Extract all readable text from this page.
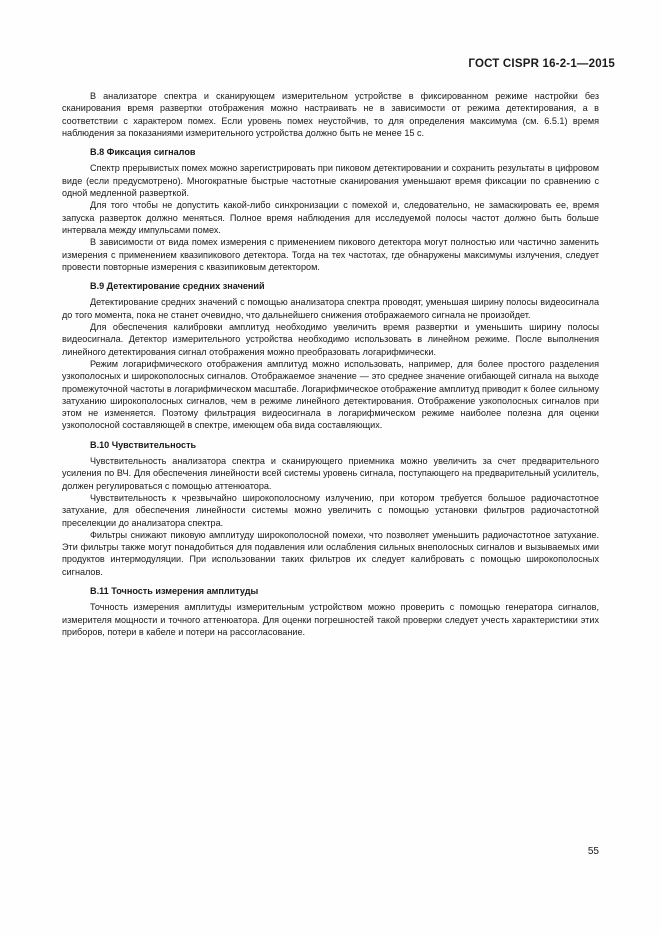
ГОСТ CISPR 16-2-1—2015

В анализаторе спектра и сканирующем измерительном устройстве в фиксированном режиме настройки без сканирования время развертки отображения можно настраивать не в зависимости от режима детектирования, а в соответствии с характером помех. Если уровень помех неустойчив, то для определения максимума (см. 6.5.1) время наблюдения за показаниями измерительного устройства должно быть не менее 15 с.

В.8 Фиксация сигналов

Спектр прерывистых помех можно зарегистрировать при пиковом детектировании и сохранить результаты в цифровом виде (если предусмотрено). Многократные быстрые частотные сканирования уменьшают время фиксации по сравнению с одной медленной разверткой.

Для того чтобы не допустить какой-либо синхронизации с помехой и, следовательно, не замаскировать ее, время запуска разверток должно меняться. Полное время наблюдения для исследуемой полосы частот должно быть больше интервала между импульсами помех.

В зависимости от вида помех измерения с применением пикового детектора могут полностью или частично заменить измерения с применением квазипикового детектора. Тогда на тех частотах, где обнаружены максимумы излучения, следует провести повторные измерения с квазипиковым детектором.

В.9 Детектирование средних значений

Детектирование средних значений с помощью анализатора спектра проводят, уменьшая ширину полосы видеосигнала до того момента, пока не станет очевидно, что дальнейшего снижения отображаемого сигнала не произойдет.

Для обеспечения калибровки амплитуд необходимо увеличить время развертки и уменьшить ширину полосы видеосигнала. Детектор измерительного устройства необходимо использовать в линейном режиме. После выполнения линейного детектирования сигнал отображения можно преобразовать логарифмически.

Режим логарифмического отображения амплитуд можно использовать, например, для более простого разделения узкополосных и широкополосных сигналов. Отображаемое значение — это среднее значение огибающей сигнала на выходе промежуточной частоты в логарифмическом масштабе. Логарифмическое отображение амплитуд приводит к более сильному затуханию широкополосных сигналов, чем в режиме линейного детектирования. Отображение узкополосных сигналов при этом не изменяется. Поэтому фильтрация видеосигнала в логарифмическом режиме наиболее полезна для оценки узкополосной составляющей в спектре, имеющем оба вида составляющих.

В.10 Чувствительность

Чувствительность анализатора спектра и сканирующего приемника можно увеличить за счет предварительного усиления по ВЧ. Для обеспечения линейности всей системы уровень сигнала, поступающего на предварительный усилитель, должен регулироваться с помощью аттенюатора.

Чувствительность к чрезвычайно широкополосному излучению, при котором требуется большое радиочастотное затухание, для обеспечения линейности системы можно увеличить с помощью установки фильтров радиочастотной преселекции до анализатора спектра.

Фильтры снижают пиковую амплитуду широкополосной помехи, что позволяет уменьшить радиочастотное затухание. Эти фильтры также могут понадобиться для подавления или ослабления сильных внеполосных сигналов и вызываемых ими продуктов интермодуляции. При использовании таких фильтров их следует калибровать с помощью широкополосных сигналов.

В.11 Точность измерения амплитуды

Точность измерения амплитуды измерительным устройством можно проверить с помощью генератора сигналов, измерителя мощности и точного аттенюатора. Для оценки погрешностей такой проверки следует учесть характеристики этих приборов, потери в кабеле и потери на рассогласование.

55
